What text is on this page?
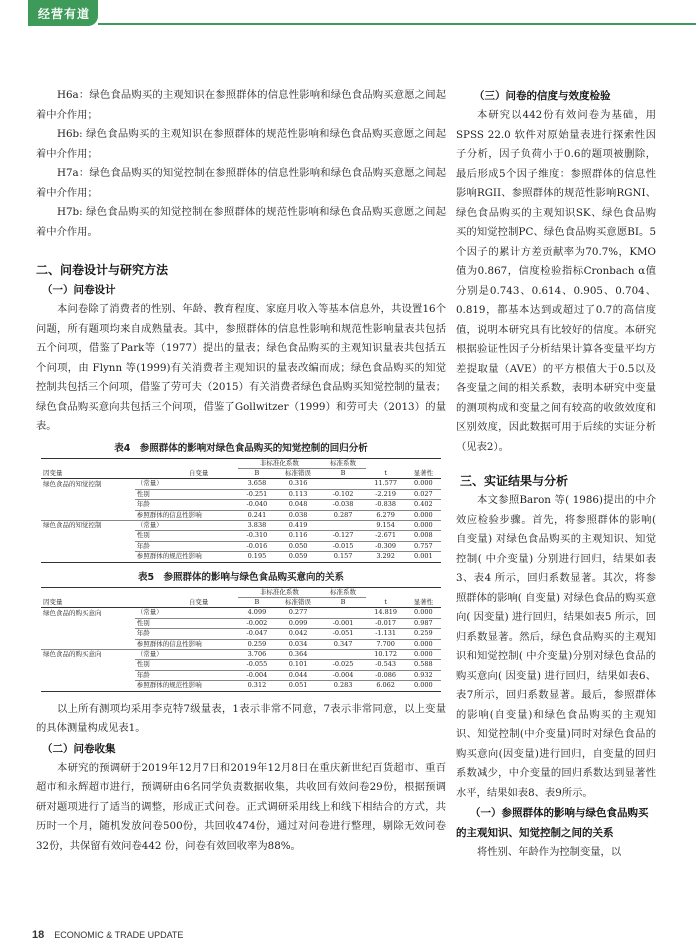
经营有道

H6a：绿色食品购买的主观知识在参照群体的信息性影响和绿色食品购买意愿之间起着中介作用；

H6b: 绿色食品购买的主观知识在参照群体的规范性影响和绿色食品购买意愿之间起着中介作用；

H7a：绿色食品购买的知觉控制在参照群体的信息性影响和绿色食品购买意愿之间起着中介作用；

H7b: 绿色食品购买的知觉控制在参照群体的规范性影响和绿色食品购买意愿之间起着中介作用。

二、问卷设计与研究方法
（一）问卷设计

本问卷除了消费者的性别、年龄、教育程度、家庭月收入等基本信息外，共设置16个问题，所有题项均来自成熟量表。其中，参照群体的信息性影响和规范性影响量表共包括五个问项，借鉴了Park等（1977）提出的量表；绿色食品购买的主观知识量表共包括五个问项，由 Flynn 等(1999)有关消费者主观知识的量表改编而成；绿色食品购买的知觉控制共包括三个问项，借鉴了劳可夫（2015）有关消费者绿色食品购买知觉控制的量表；绿色食品购买意向共包括三个问项，借鉴了Gollwitzer（1999）和劳可夫（2013）的量表。

表4　参照群体的影响对绿色食品购买的知觉控制的回归分析
		非标准化系数		标准系数		
因变量	自变量	B	标准错误	B	t	显著性
绿色食品的知觉控制	（常量）	3.658	0.316		11.577	0.000
	性别	-0.251	0.113	-0.102	-2.219	0.027
	年龄	-0.040	0.048	-0.038	-0.838	0.402
	参照群体的信息性影响	0.241	0.038	0.287	6.279	0.000
绿色食品的知觉控制	（常量）	3.838	0.419		9.154	0.000
	性别	-0.310	0.116	-0.127	-2.671	0.008
	年龄	-0.016	0.050	-0.015	-0.309	0.757
	参照群体的规范性影响	0.195	0.059	0.157	3.292	0.001
表5　参照群体的影响与绿色食品购买意向的关系
		非标准化系数		标准系数		
因变量	自变量	B	标准错误	B	t	显著性
绿色食品的购买意向	（常量）	4.099	0.277		14.819	0.000
	性别	-0.002	0.099	-0.001	-0.017	0.987
	年龄	-0.047	0.042	-0.051	-1.131	0.259
	参照群体的信息性影响	0.259	0.034	0.347	7.700	0.000
绿色食品的购买意向	（常量）	3.706	0.364		10.172	0.000
	性别	-0.055	0.101	-0.025	-0.543	0.588
	年龄	-0.004	0.044	-0.004	-0.086	0.932
	参照群体的规范性影响	0.312	0.051	0.283	6.062	0.000

以上所有测项均采用李克特7级量表，1表示非常不同意，7表示非常同意，以上变量的具体测量构成见表1。

（二）问卷收集

本研究的预调研于2019年12月7日和2019年12月8日在重庆新世纪百货超市、重百超市和永辉超市进行，预调研由6名同学负责数据收集，共收回有效问卷29份，根据预调研对题项进行了适当的调整，形成正式问卷。正式调研采用线上和线下相结合的方式，共历时一个月，随机发放问卷500份，共回收474份，通过对问卷进行整理，剔除无效问卷32份，共保留有效问卷442 份，问卷有效回收率为88%。

（三）问卷的信度与效度检验

本研究以442份有效问卷为基础，用SPSS 22.0 软件对原始量表进行探索性因子分析，因子负荷小于0.6的题项被删除，最后形成5个因子维度：参照群体的信息性影响RGII、参照群体的规范性影响RGNI、绿色食品购买的主观知识SK、绿色食品购买的知觉控制PC、绿色食品购买意愿BI。5个因子的累计方差贡献率为70.7%，KMO值为0.867，信度检验指标Cronbach α值分别是0.743、0.614、0.905、0.704、0.819，都基本达到或超过了0.7的高信度值，说明本研究具有比较好的信度。本研究根据验证性因子分析结果计算各变量平均方差提取量（AVE）的平方根值大于0.5以及各变量之间的相关系数，表明本研究中变量的测项构成和变量之间有较高的收敛效度和区别效度，因此数据可用于后续的实证分析（见表2）。

三、实证结果与分析

本文参照Baron 等( 1986)提出的中介效应检验步骤。首先，将参照群体的影响( 自变量) 对绿色食品购买的主观知识、知觉控制( 中介变量) 分别进行回归，结果如表3、表4 所示，回归系数显著。其次，将参照群体的影响( 自变量) 对绿色食品的购买意向( 因变量) 进行回归，结果如表5 所示，回归系数显著。然后，绿色食品购买的主观知识和知觉控制( 中介变量)分别对绿色食品的购买意向( 因变量) 进行回归，结果如表6、表7所示，回归系数显著。最后，参照群体的影响(自变量)和绿色食品购买的主观知识、知觉控制(中介变量)同时对绿色食品的购买意向(因变量)进行回归，自变量的回归系数减少，中介变量的回归系数达到显著性水平，结果如表8、表9所示。

（一）参照群体的影响与绿色食品购买的主观知识、知觉控制之间的关系

将性别、年龄作为控制变量，以

18 ECONOMIC & TRADE UPDATE
